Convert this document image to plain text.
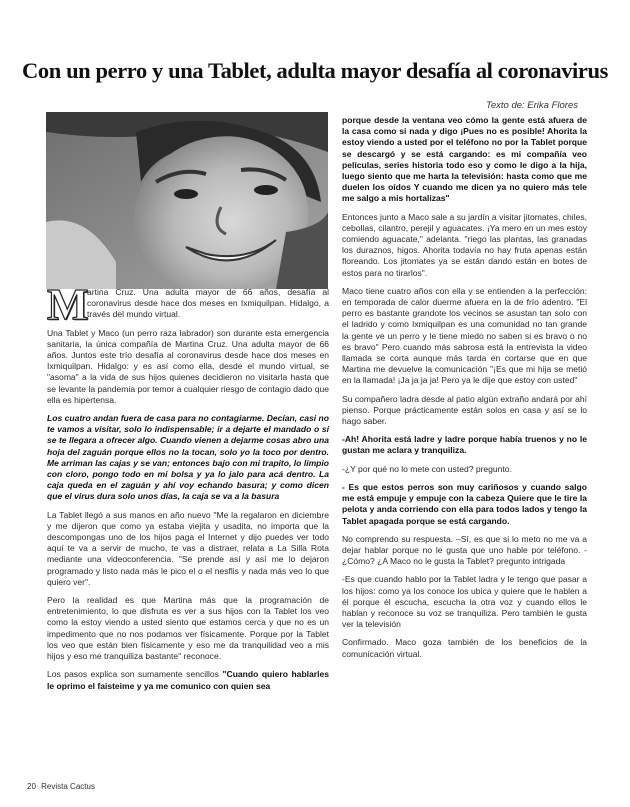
Con un perro y una Tablet, adulta mayor desafía al coronavirus
Texto de: Erika Flores

M
artina Cruz. Una adulta mayor de 66 años, desafía al coronavirus desde hace dos meses en Ixmiquilpan. Hidalgo, a través del mundo virtual.

Una Tablet y Maco (un perro raza labrador) son durante esta emergencia sanitaria, la única compañía de Martina Cruz. Una adulta mayor de 66 años. Juntos este trío desafía al coronavirus desde hace dos meses en Ixmiquilpan. Hidalgo: y es así como ella, desde el mundo virtual, se "asoma" a la vida de sus hijos quienes decidieron no visitarla hasta que se levante la pandemia por temor a cualquier riesgo de contagio dado que ella es hipertensa.

Los cuatro andan fuera de casa para no contagiarme. Decían, casi no te vamos a visitar, solo lo indispensable; ir a dejarte el mandado o si se te llegara a ofrecer algo. Cuando vienen a dejarme cosas abro una hoja del zaguán porque ellos no la tocan, solo yo la toco por dentro. Me arriman las cajas y se van; entonces bajo con mi trapito, lo limpio con cloro, pongo todo en mi bolsa y ya lo jalo para acá dentro. La caja queda en el zaguán y ahí voy echando basura; y como dicen que el virus dura solo unos días, la caja se va a la basura

La Tablet llegó a sus manos en año nuevo "Me la regalaron en diciembre y me dijeron que como ya estaba viejita y usadita, no importa que la descompongas uno de los hijos paga el Internet y dijo puedes ver todo aquí te va a servir de mucho, te vas a distraer, relata a La Silla Rota mediante una videoconferencia. "Se prende así y así me lo dejaron programado y listo nada más le pico el o el nesflis y nada más veo lo que quiero ver".

Pero la realidad es que Martina más que la programación de entretenimiento, lo que disfruta es ver a sus hijos con la Tablet los veo como la estoy viendo a usted siento que estamos cerca y que no es un impedimento que no nos podamos ver físicamente. Porque por la Tablet los veo que están bien físicamente y eso me da tranquilidad veo a mis hijos y eso me tranquiliza bastante" reconoce.

Los pasos explica son sumamente sencillos "Cuando quiero hablarles le oprimo el faisteime y ya me comunico con quien sea

porque desde la ventana veo cómo la gente está afuera de la casa como si nada y digo ¡Pues no es posible! Ahorita la estoy viendo a usted por el teléfono no por la Tablet porque se descargó y se está cargando: es mi compañía veo películas, series historia todo eso y como le digo a la hija, luego siento que me harta la televisión: hasta como que me duelen los oídos Y cuando me dicen ya no quiero más tele me salgo a mis hortalizas"

Entonces junto a Maco sale a su jardín a visitar jitomates, chiles, cebollas, cilantro, perejil y aguacates. ¡Ya mero en un mes estoy comiendo aguacate," adelanta. "riego las plantas, las granadas los duraznos, higos. Ahorita todavía no hay fruta apenas están floreando. Los jitomates ya se están dando están en botes de estos para no tirarlos".

Maco tiene cuatro años con ella y se entienden a la perfección: en temporada de calor duerme afuera en la de frío adentro. "El perro es bastante grandote los vecinos se asustan tan solo con el ladrido y como Ixmiquilpan es una comunidad no tan grande la gente ve un perro y le tiene miedo no saben si es bravo o no es bravo" Pero cuando más sabrosa está la entrevista la video llamada se corta aunque más tarda en cortarse que en que Martina me devuelve la comunicación "¡Es que mi hija se metió en la llamada! ¡Ja ja ja ja! Pero ya le dije que estoy con usted"

Su compañero ladra desde al patio algún extraño andará por ahí pienso. Porque prácticamente están solos en casa y así se lo hago saber.

-Ah! Ahorita está ladre y ladre porque había truenos y no le gustan me aclara y tranquiliza.

-¿Y por qué no lo mete con usted? pregunto.

- Es que estos perros son muy cariñosos y cuando salgo me está empuje y empuje con la cabeza Quiere que le tire la pelota y anda corriendo con ella para todos lados y tengo la Tablet apagada porque se está cargando.

No comprendo su respuesta. –Sí, es que si lo meto no me va a dejar hablar porque no le gusta que uno hable por teléfono. - ¿Cómo? ¿A Maco no le gusta la Tablet? pregunto intrigada

-Es que cuando hablo por la Tablet ladra y le tengo que pasar a los hijos: como ya los conoce los ubica y quiere que le hablen a él porque él escucha, escucha la otra voz y cuando ellos le hablan y reconoce su voz se tranquiliza. Pero también le gusta ver la televisión

Confirmado. Maco goza también de los beneficios de la comunicación virtual.

20 Revista Cactus
